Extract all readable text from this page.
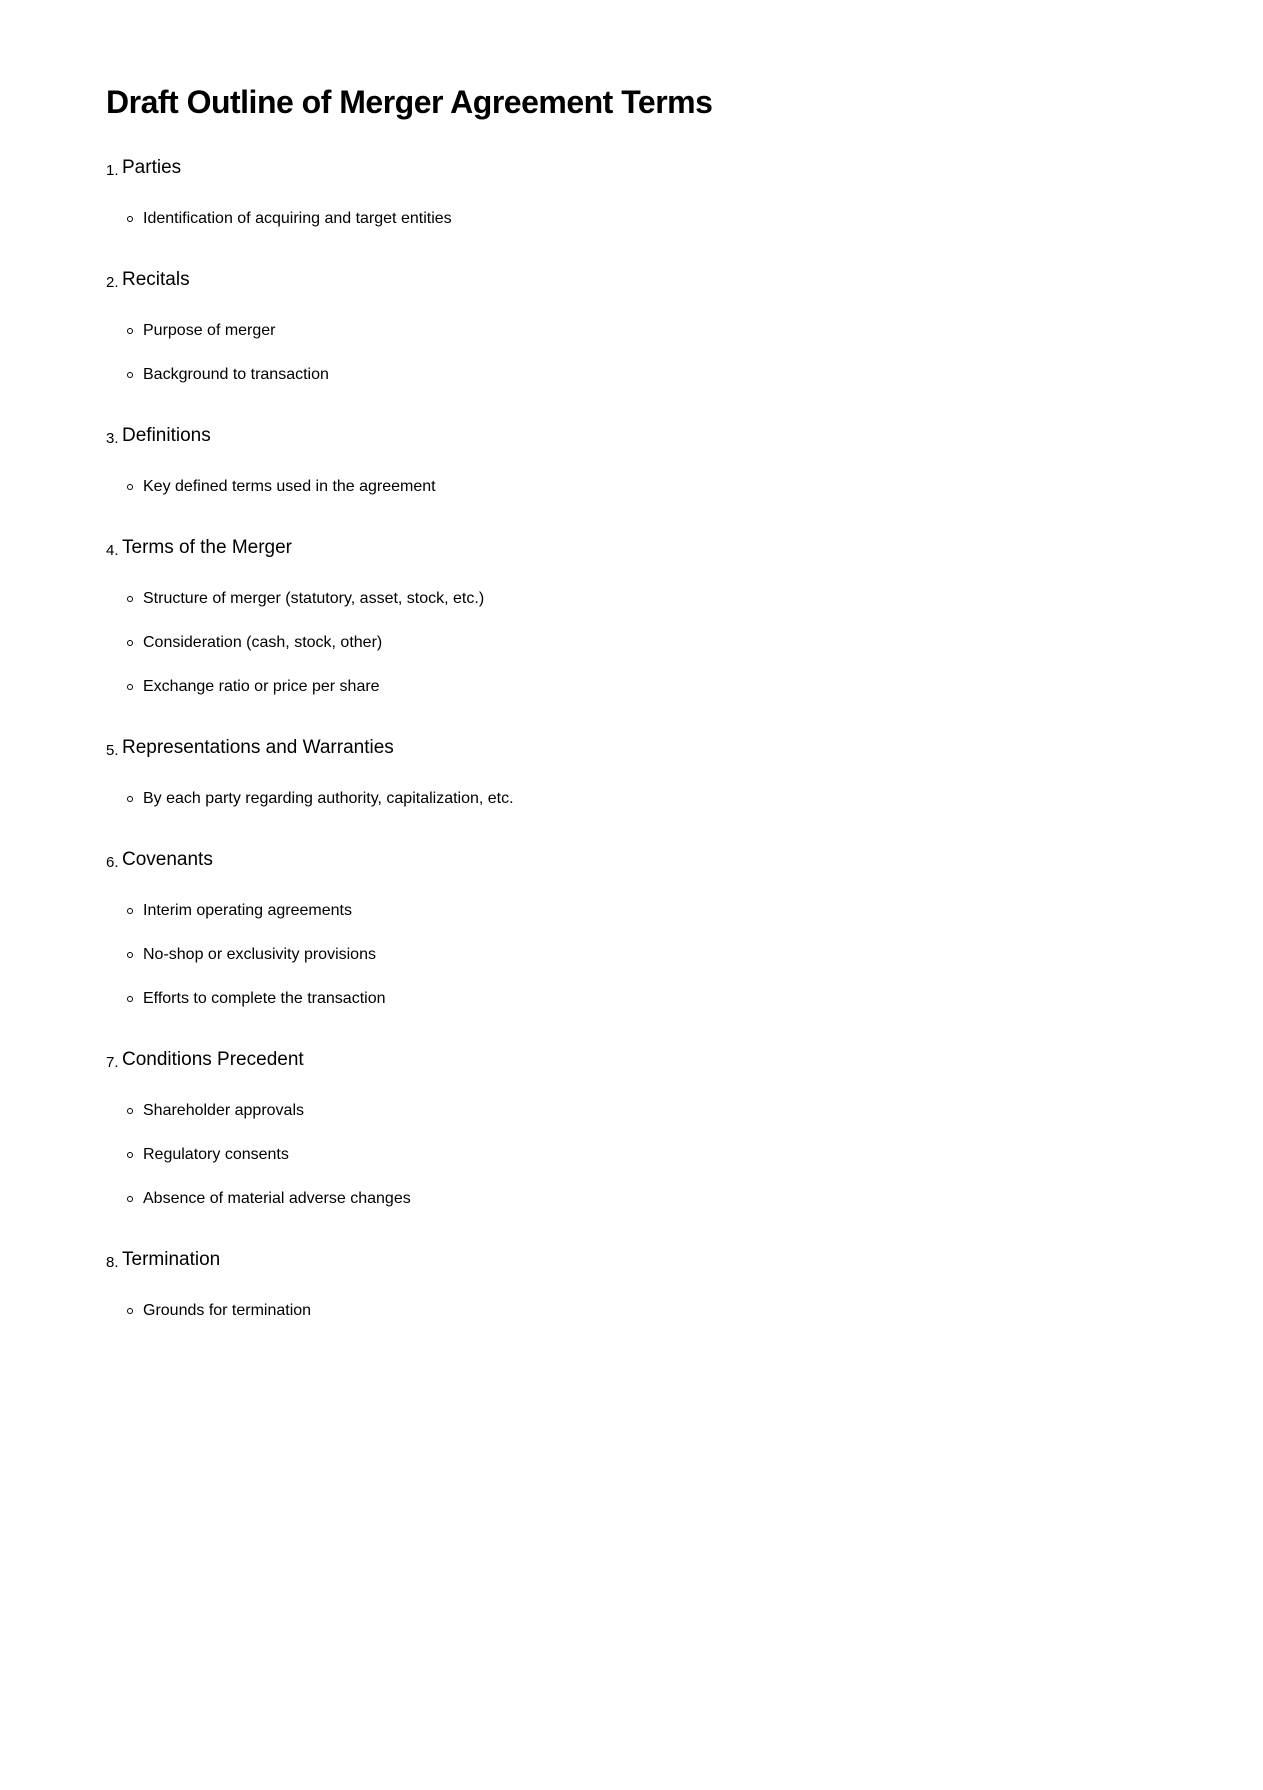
Draft Outline of Merger Agreement Terms
1. Parties
Identification of acquiring and target entities
2. Recitals
Purpose of merger
Background to transaction
3. Definitions
Key defined terms used in the agreement
4. Terms of the Merger
Structure of merger (statutory, asset, stock, etc.)
Consideration (cash, stock, other)
Exchange ratio or price per share
5. Representations and Warranties
By each party regarding authority, capitalization, etc.
6. Covenants
Interim operating agreements
No-shop or exclusivity provisions
Efforts to complete the transaction
7. Conditions Precedent
Shareholder approvals
Regulatory consents
Absence of material adverse changes
8. Termination
Grounds for termination
